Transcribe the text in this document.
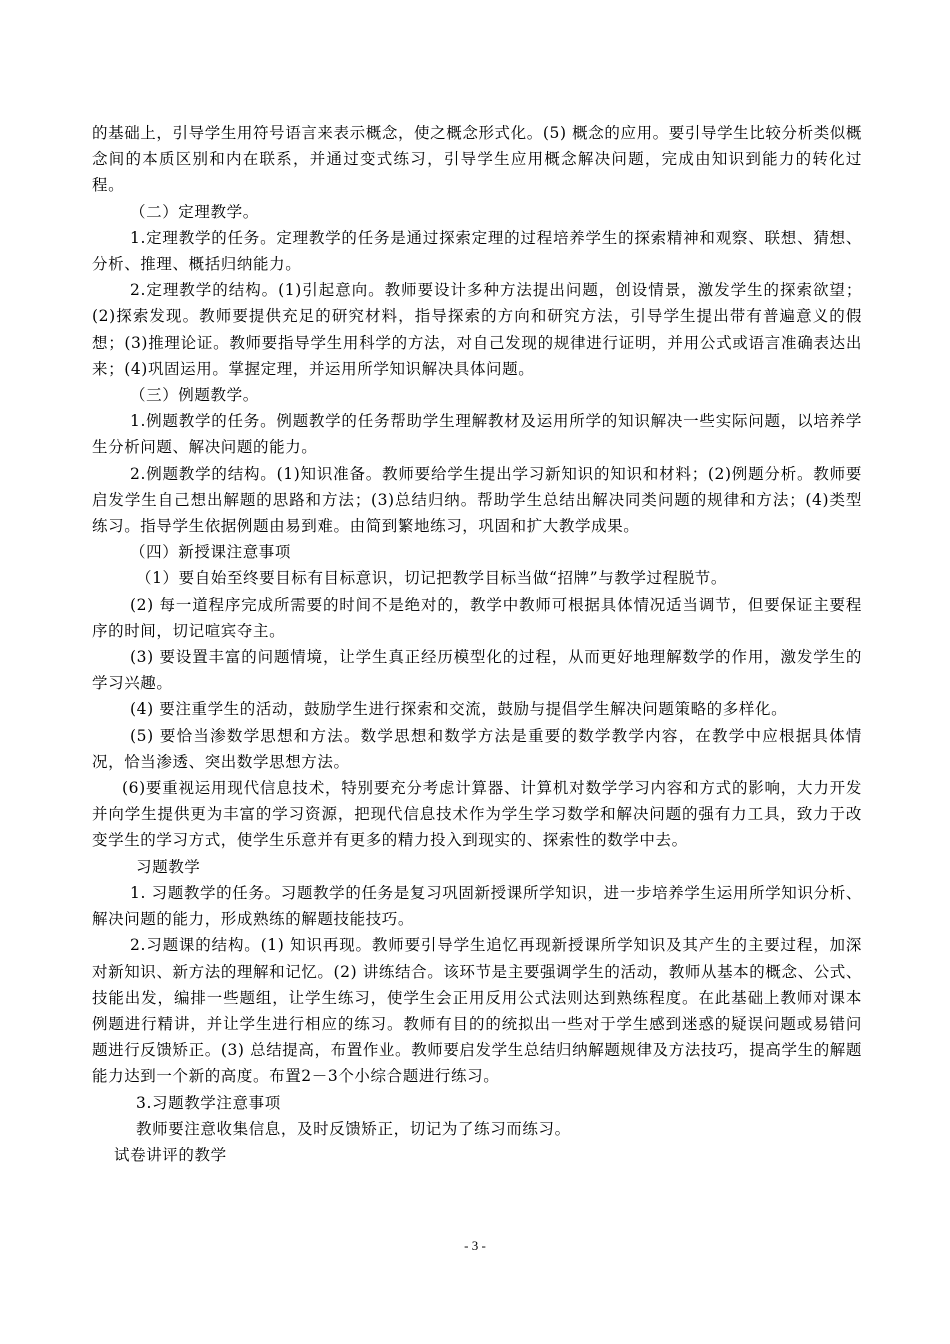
的基础上，引导学生用符号语言来表示概念，使之概念形式化。(5) 概念的应用。要引导学生比较分析类似概念间的本质区别和内在联系，并通过变式练习，引导学生应用概念解决问题，完成由知识到能力的转化过程。

（二）定理教学。

1.定理教学的任务。定理教学的任务是通过探索定理的过程培养学生的探索精神和观察、联想、猜想、分析、推理、概括归纳能力。

2.定理教学的结构。(1)引起意向。教师要设计多种方法提出问题，创设情景，激发学生的探索欲望；(2)探索发现。教师要提供充足的研究材料，指导探索的方向和研究方法，引导学生提出带有普遍意义的假想；(3)推理论证。教师要指导学生用科学的方法，对自己发现的规律进行证明，并用公式或语言准确表达出来；(4)巩固运用。掌握定理，并运用所学知识解决具体问题。

（三）例题教学。

1.例题教学的任务。例题教学的任务帮助学生理解教材及运用所学的知识解决一些实际问题，以培养学生分析问题、解决问题的能力。

2.例题教学的结构。(1)知识准备。教师要给学生提出学习新知识的知识和材料；(2)例题分析。教师要启发学生自己想出解题的思路和方法；(3)总结归纳。帮助学生总结出解决同类问题的规律和方法；(4)类型练习。指导学生依据例题由易到难。由简到繁地练习，巩固和扩大教学成果。

（四）新授课注意事项

（1）要自始至终要目标有目标意识，切记把教学目标当做“招牌”与教学过程脱节。

(2) 每一道程序完成所需要的时间不是绝对的，教学中教师可根据具体情况适当调节，但要保证主要程序的时间，切记喧宾夺主。

(3) 要设置丰富的问题情境，让学生真正经历模型化的过程，从而更好地理解数学的作用，激发学生的学习兴趣。

(4) 要注重学生的活动，鼓励学生进行探索和交流，鼓励与提倡学生解决问题策略的多样化。

(5) 要恰当渗数学思想和方法。数学思想和数学方法是重要的数学教学内容，在教学中应根据具体情况，恰当渗透、突出数学思想方法。

(6)要重视运用现代信息技术，特别要充分考虑计算器、计算机对数学学习内容和方式的影响，大力开发并向学生提供更为丰富的学习资源，把现代信息技术作为学生学习数学和解决问题的强有力工具，致力于改变学生的学习方式，使学生乐意并有更多的精力投入到现实的、探索性的数学中去。

习题教学

1. 习题教学的任务。习题教学的任务是复习巩固新授课所学知识，进一步培养学生运用所学知识分析、解决问题的能力，形成熟练的解题技能技巧。

2.习题课的结构。(1) 知识再现。教师要引导学生追忆再现新授课所学知识及其产生的主要过程，加深对新知识、新方法的理解和记忆。(2) 讲练结合。该环节是主要强调学生的活动，教师从基本的概念、公式、技能出发，编排一些题组，让学生练习，使学生会正用反用公式法则达到熟练程度。在此基础上教师对课本例题进行精讲，并让学生进行相应的练习。教师有目的的统拟出一些对于学生感到迷惑的疑误问题或易错问题进行反馈矫正。(3) 总结提高，布置作业。教师要启发学生总结归纳解题规律及方法技巧，提高学生的解题能力达到一个新的高度。布置2－3个小综合题进行练习。

3.习题教学注意事项

教师要注意收集信息，及时反馈矫正，切记为了练习而练习。

试卷讲评的教学

- 3 -
